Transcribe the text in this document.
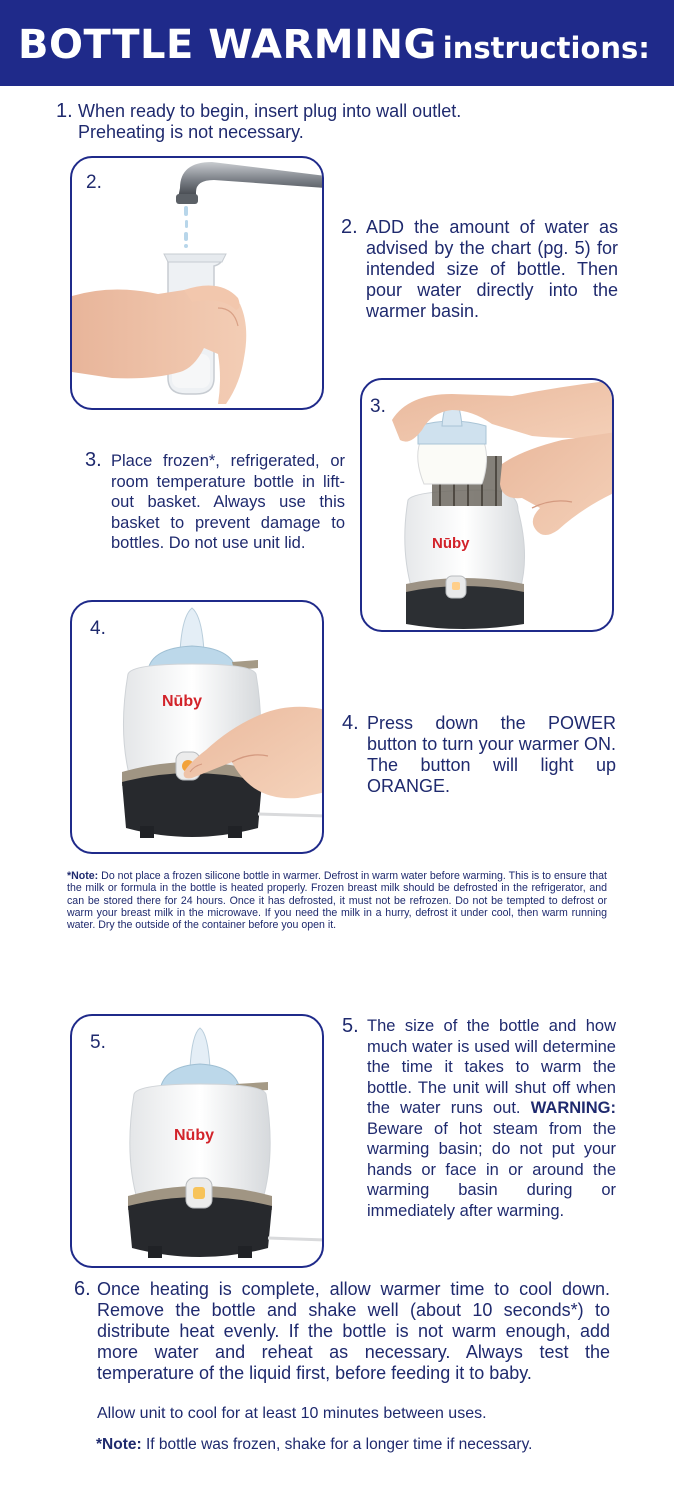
BOTTLE WARMING instructions:
1. When ready to begin, insert plug into wall outlet. Preheating is not necessary.
2.
2. ADD the amount of water as advised by the chart (pg. 5) for intended size of bottle. Then pour water directly into the warmer basin.
3.
Nūby
3. Place frozen*, refrigerated, or room temperature bottle in lift-out basket. Always use this basket to prevent damage to bottles. Do not use unit lid.
4.
Nūby
4. Press down the POWER button to turn your warmer ON. The button will light up ORANGE.
*Note: Do not place a frozen silicone bottle in warmer. Defrost in warm water before warming. This is to ensure that the milk or formula in the bottle is heated properly. Frozen breast milk should be defrosted in the refrigerator, and can be stored there for 24 hours. Once it has defrosted, it must not be refrozen. Do not be tempted to defrost or warm your breast milk in the microwave. If you need the milk in a hurry, defrost it under cool, then warm running water. Dry the outside of the container before you open it.
5.
Nūby
5. The size of the bottle and how much water is used will determine the time it takes to warm the bottle. The unit will shut off when the water runs out. WARNING: Beware of hot steam from the warming basin; do not put your hands or face in or around the warming basin during or immediately after warming.
6. Once heating is complete, allow warmer time to cool down. Remove the bottle and shake well (about 10 seconds*) to distribute heat evenly. If the bottle is not warm enough, add more water and reheat as necessary. Always test the temperature of the liquid first, before feeding it to baby.
Allow unit to cool for at least 10 minutes between uses.
*Note: If bottle was frozen, shake for a longer time if necessary.
